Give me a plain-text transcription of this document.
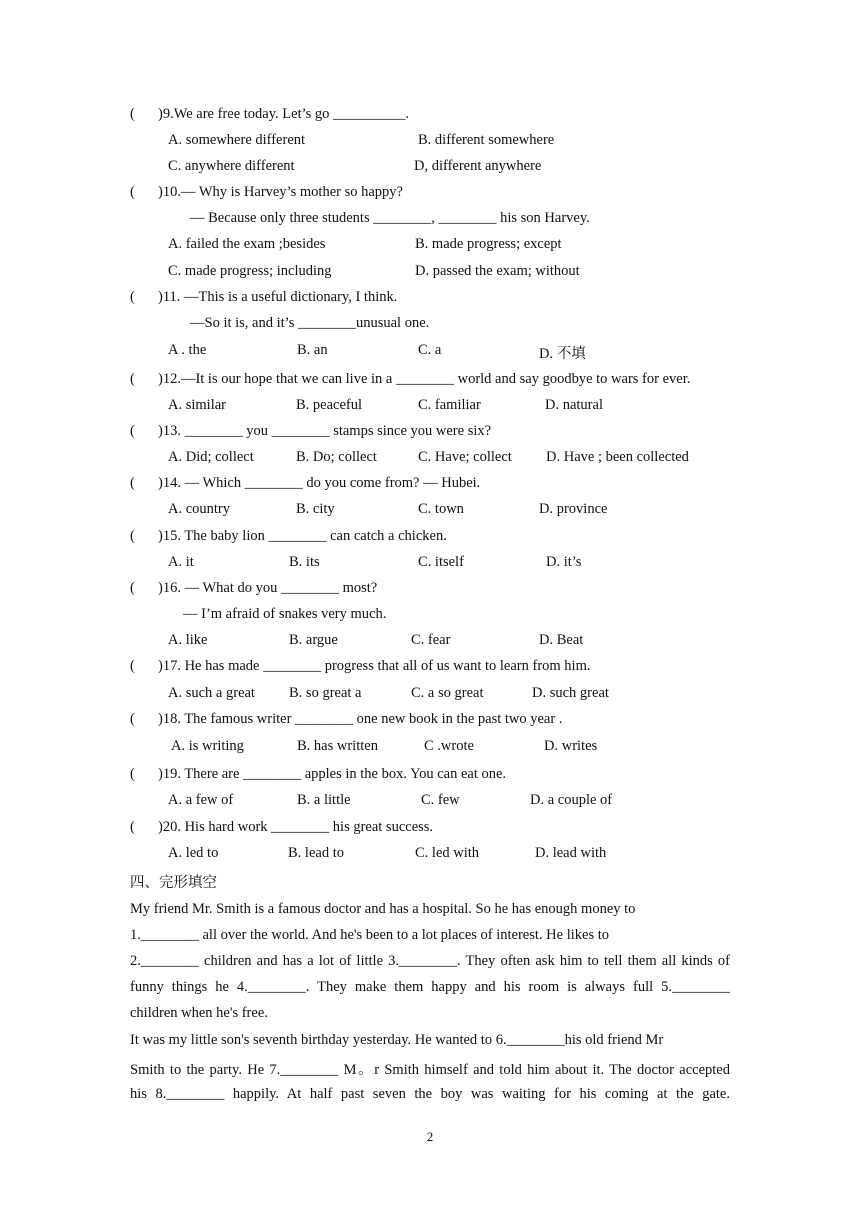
( )9.We are free today. Let’s go __________.
A. somewhere different	B. different somewhere
C. anywhere different	D, different anywhere
( )10.— Why is Harvey’s mother so happy?
— Because only three students ________, ________ his son Harvey.
A. failed the exam ;besides	B. made progress; except
C. made progress; including	D. passed the exam; without
( )11. —This is a useful dictionary, I think.
—So it is, and it’s ________unusual one.
A . the	B. an	C. a	D. 不填
( )12.—It is our hope that we can live in a ________ world and say goodbye to wars for ever.
A. similar	B. peaceful	C. familiar	D. natural
( )13. ________ you ________ stamps since you were six?
A. Did; collect	B. Do; collect	C. Have; collect D. Have ; been collected
( )14. — Which ________ do you come from? — Hubei.
A. country	B. city	C. town	D. province
( )15. The baby lion ________ can catch a chicken.
A. it	B. its	C. itself	D. it’s
( )16. — What do you ________ most?
— I’m afraid of snakes very much.
A. like	B. argue	C. fear	D. Beat
( )17. He has made ________ progress that all of us want to learn from him.
A. such a great B. so great a	C. a so great	D. such great
( )18. The famous writer ________ one new book in the past two year .
A. is writing	B. has written	C .wrote	D. writes
( )19. There are ________ apples in the box. You can eat one.
A. a few of	B. a little	C. few	D. a couple of
( )20. His hard work ________ his great success.
A. led to	B. lead to	C. led with	D. lead with
四、完形填空
My friend Mr. Smith is a famous doctor and has a hospital. So he has enough money to
1.________ all over the world. And he's been to a lot places of interest. He likes to
2.________ children and has a lot of little 3.________. They often ask him to tell them all kinds of
funny things he 4.________. They make them happy and his room is always full 5.________
children when he's free.
It was my little son's seventh birthday yesterday. He wanted to 6.________his old friend Mr
Smith to the party. He 7.________ M。r Smith himself and told him about it. The doctor accepted
his 8.________ happily. At half past seven the boy was waiting for his coming at the gate.
2
